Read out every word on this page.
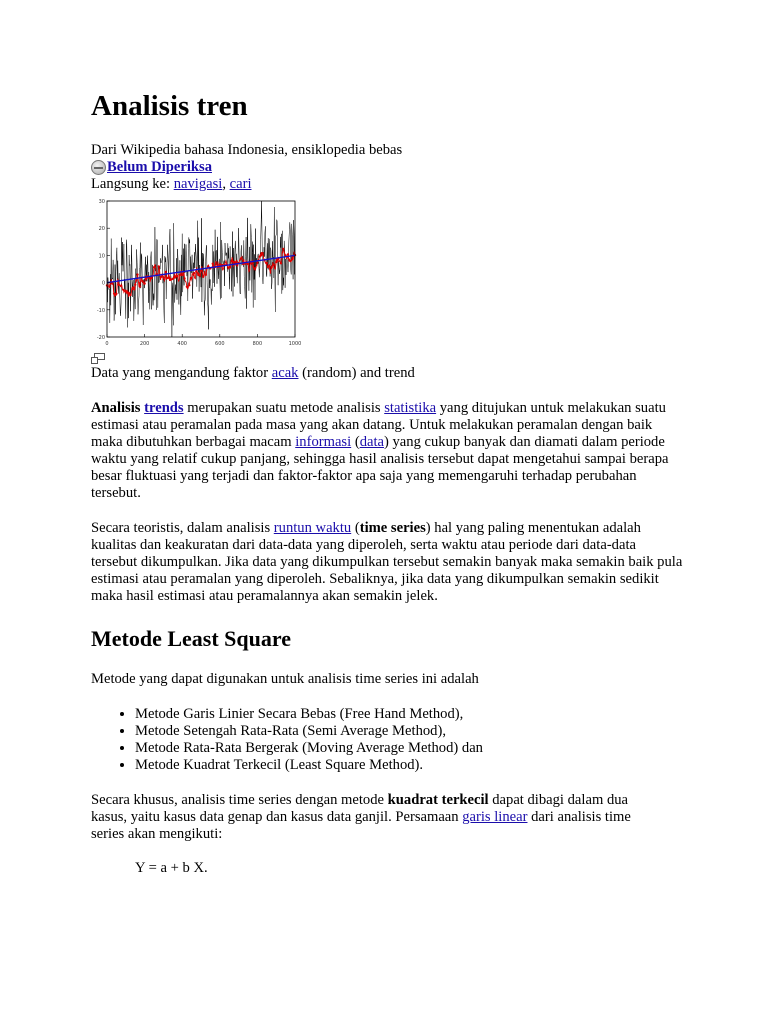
Analisis tren
Dari Wikipedia bahasa Indonesia, ensiklopedia bebas
Belum Diperiksa
Langsung ke: navigasi, cari
0	200	400	600	800	1000
-20
-10
0
10
20
30
Data yang mengandung faktor acak (random) and trend

Analisis trends merupakan suatu metode analisis statistika yang ditujukan untuk melakukan suatu estimasi atau peramalan pada masa yang akan datang. Untuk melakukan peramalan dengan baik maka dibutuhkan berbagai macam informasi (data) yang cukup banyak dan diamati dalam periode waktu yang relatif cukup panjang, sehingga hasil analisis tersebut dapat mengetahui sampai berapa besar fluktuasi yang terjadi dan faktor-faktor apa saja yang memengaruhi terhadap perubahan tersebut.

Secara teoristis, dalam analisis runtun waktu (time series) hal yang paling menentukan adalah kualitas dan keakuratan dari data-data yang diperoleh, serta waktu atau periode dari data-data tersebut dikumpulkan. Jika data yang dikumpulkan tersebut semakin banyak maka semakin baik pula estimasi atau peramalan yang diperoleh. Sebaliknya, jika data yang dikumpulkan semakin sedikit maka hasil estimasi atau peramalannya akan semakin jelek.

Metode Least Square

Metode yang dapat digunakan untuk analisis time series ini adalah

• Metode Garis Linier Secara Bebas (Free Hand Method),
• Metode Setengah Rata-Rata (Semi Average Method),
• Metode Rata-Rata Bergerak (Moving Average Method) dan
• Metode Kuadrat Terkecil (Least Square Method).

Secara khusus, analisis time series dengan metode kuadrat terkecil dapat dibagi dalam dua kasus, yaitu kasus data genap dan kasus data ganjil. Persamaan garis linear dari analisis time series akan mengikuti:

Y = a + b X.
